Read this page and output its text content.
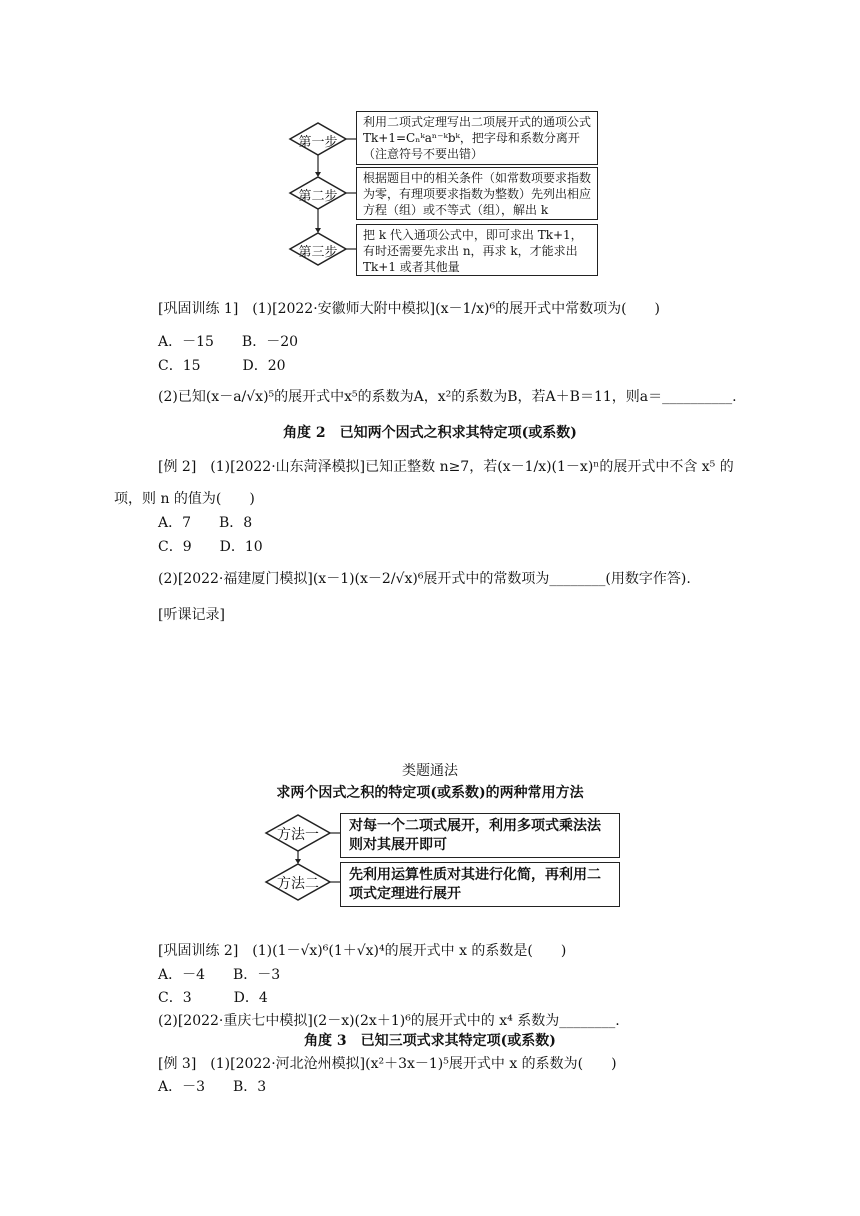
第一步
第二步
第三步
利用二项式定理写出二项展开式的通项公式 Tk+1=Cₙᵏaⁿ⁻ᵏbᵏ，把字母和系数分离开（注意符号不要出错）
根据题目中的相关条件（如常数项要求指数为零，有理项要求指数为整数）先列出相应方程（组）或不等式（组），解出 k
把 k 代入通项公式中，即可求出 Tk+1，有时还需要先求出 n，再求 k，才能求出 Tk+1 或者其他量
[巩固训练 1]　(1)[2022·安徽师大附中模拟](x－1/x)⁶的展开式中常数项为(　　)
A．－15　　B．－20
C．15　　　D．20
(2)已知(x－a/√x)⁵的展开式中x⁵的系数为A，x²的系数为B，若A＋B＝11，则a＝__________.
角度 2　已知两个因式之积求其特定项(或系数)
[例 2]　(1)[2022·山东菏泽模拟]已知正整数 n≥7，若(x－1/x)(1－x)ⁿ的展开式中不含 x⁵ 的
项，则 n 的值为(　　)
A．7　　B．8
C．9　　D．10
(2)[2022·福建厦门模拟](x－1)(x－2/√x)⁶展开式中的常数项为________(用数字作答).
[听课记录]
类题通法
求两个因式之积的特定项(或系数)的两种常用方法
方法一
方法二
对每一个二项式展开，利用多项式乘法法则对其展开即可
先利用运算性质对其进行化简，再利用二项式定理进行展开
[巩固训练 2]　(1)(1－√x)⁶(1＋√x)⁴的展开式中 x 的系数是(　　)
A．－4　　B．－3
C．3　　　D．4
(2)[2022·重庆七中模拟](2－x)(2x＋1)⁶的展开式中的 x⁴ 系数为________.
角度 3　已知三项式求其特定项(或系数)
[例 3]　(1)[2022·河北沧州模拟](x²＋3x－1)⁵展开式中 x 的系数为(　　)
A．－3　　B．3
